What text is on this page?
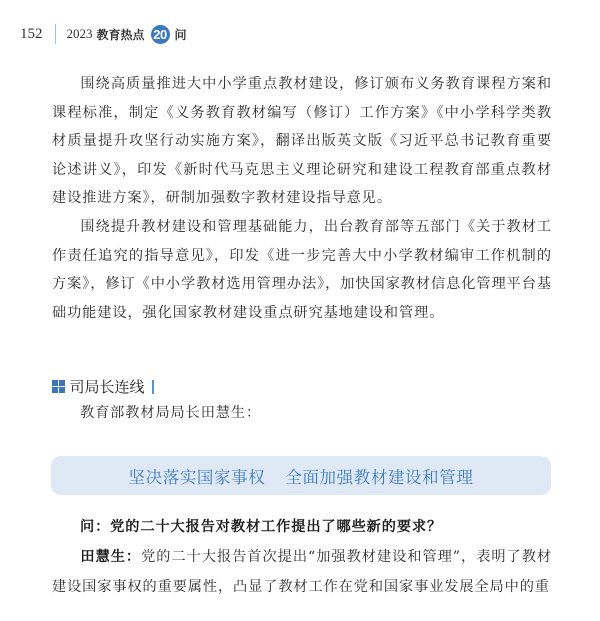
152 2023 教育热点 20 问

围绕高质量推进大中小学重点教材建设，修订颁布义务教育课程方案和课程标准，制定《义务教育教材编写（修订）工作方案》《中小学科学类教材质量提升攻坚行动实施方案》，翻译出版英文版《习近平总书记教育重要论述讲义》，印发《新时代马克思主义理论研究和建设工程教育部重点教材建设推进方案》，研制加强数字教材建设指导意见。

围绕提升教材建设和管理基础能力，出台教育部等五部门《关于教材工作责任追究的指导意见》，印发《进一步完善大中小学教材编审工作机制的方案》，修订《中小学教材选用管理办法》，加快国家教材信息化管理平台基础功能建设，强化国家教材建设重点研究基地建设和管理。

司局长连线
教育部教材局局长田慧生：
坚决落实国家事权 全面加强教材建设和管理

问：党的二十大报告对教材工作提出了哪些新的要求？

田慧生：党的二十大报告首次提出“加强教材建设和管理”，表明了教材建设国家事权的重要属性，凸显了教材工作在党和国家事业发展全局中的重
